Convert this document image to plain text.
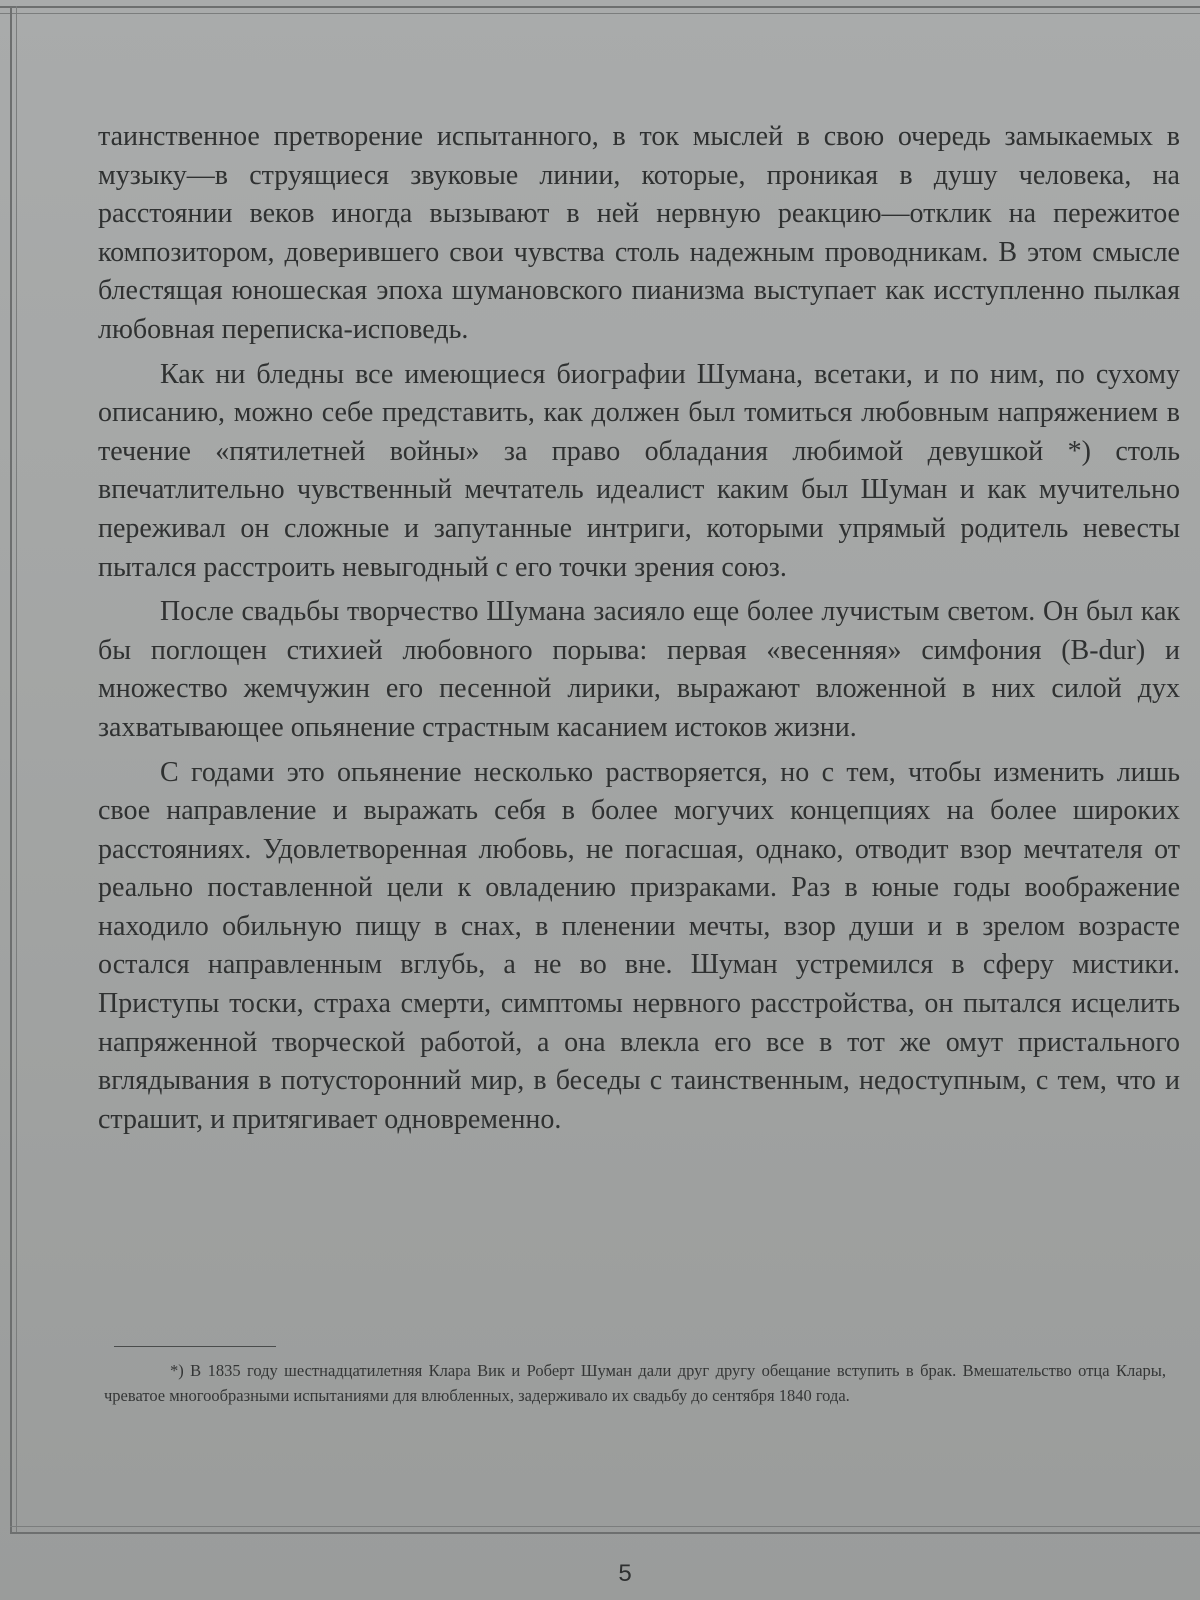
таинственное претворение испытанного, в ток мыслей в свою очередь замыкаемых в музыку—в струящиеся звуковые линии, которые, проникая в душу человека, на расстоянии веков иногда вызывают в ней нервную реакцию—отклик на пережитое композитором, доверившего свои чувства столь надежным проводникам. В этом смысле блестящая юношеская эпоха шумановского пианизма выступает как исступленно пылкая любовная переписка-исповедь.

Как ни бледны все имеющиеся биографии Шумана, всетаки, и по ним, по сухому описанию, можно себе представить, как должен был томиться любовным напряжением в течение «пятилетней войны» за право обладания любимой девушкой *) столь впечатлительно чувственный мечтатель идеалист каким был Шуман и как мучительно переживал он сложные и запутанные интриги, которыми упрямый родитель невесты пытался расстроить невыгодный с его точки зрения союз.

После свадьбы творчество Шумана засияло еще более лучистым светом. Он был как бы поглощен стихией любовного порыва: первая «весенняя» симфония (B-dur) и множество жемчужин его песенной лирики, выражают вложенной в них силой дух захватывающее опьянение страстным касанием истоков жизни.

С годами это опьянение несколько растворяется, но с тем, чтобы изменить лишь свое направление и выражать себя в более могучих концепциях на более широких расстояниях. Удовлетворенная любовь, не погасшая, однако, отводит взор мечтателя от реально поставленной цели к овладению призраками. Раз в юные годы воображение находило обильную пищу в снах, в пленении мечты, взор души и в зрелом возрасте остался направленным вглубь, а не во вне. Шуман устремился в сферу мистики. Приступы тоски, страха смерти, симптомы нервного расстройства, он пытался исцелить напряженной творческой работой, а она влекла его все в тот же омут пристального вглядывания в потусторонний мир, в беседы с таинственным, недоступным, с тем, что и страшит, и притягивает одновременно.

*) В 1835 году шестнадцатилетняя Клара Вик и Роберт Шуман дали друг другу обещание вступить в брак. Вмешательство отца Клары, чреватое многообразными испытаниями для влюбленных, задерживало их свадьбу до сентября 1840 года.
5
